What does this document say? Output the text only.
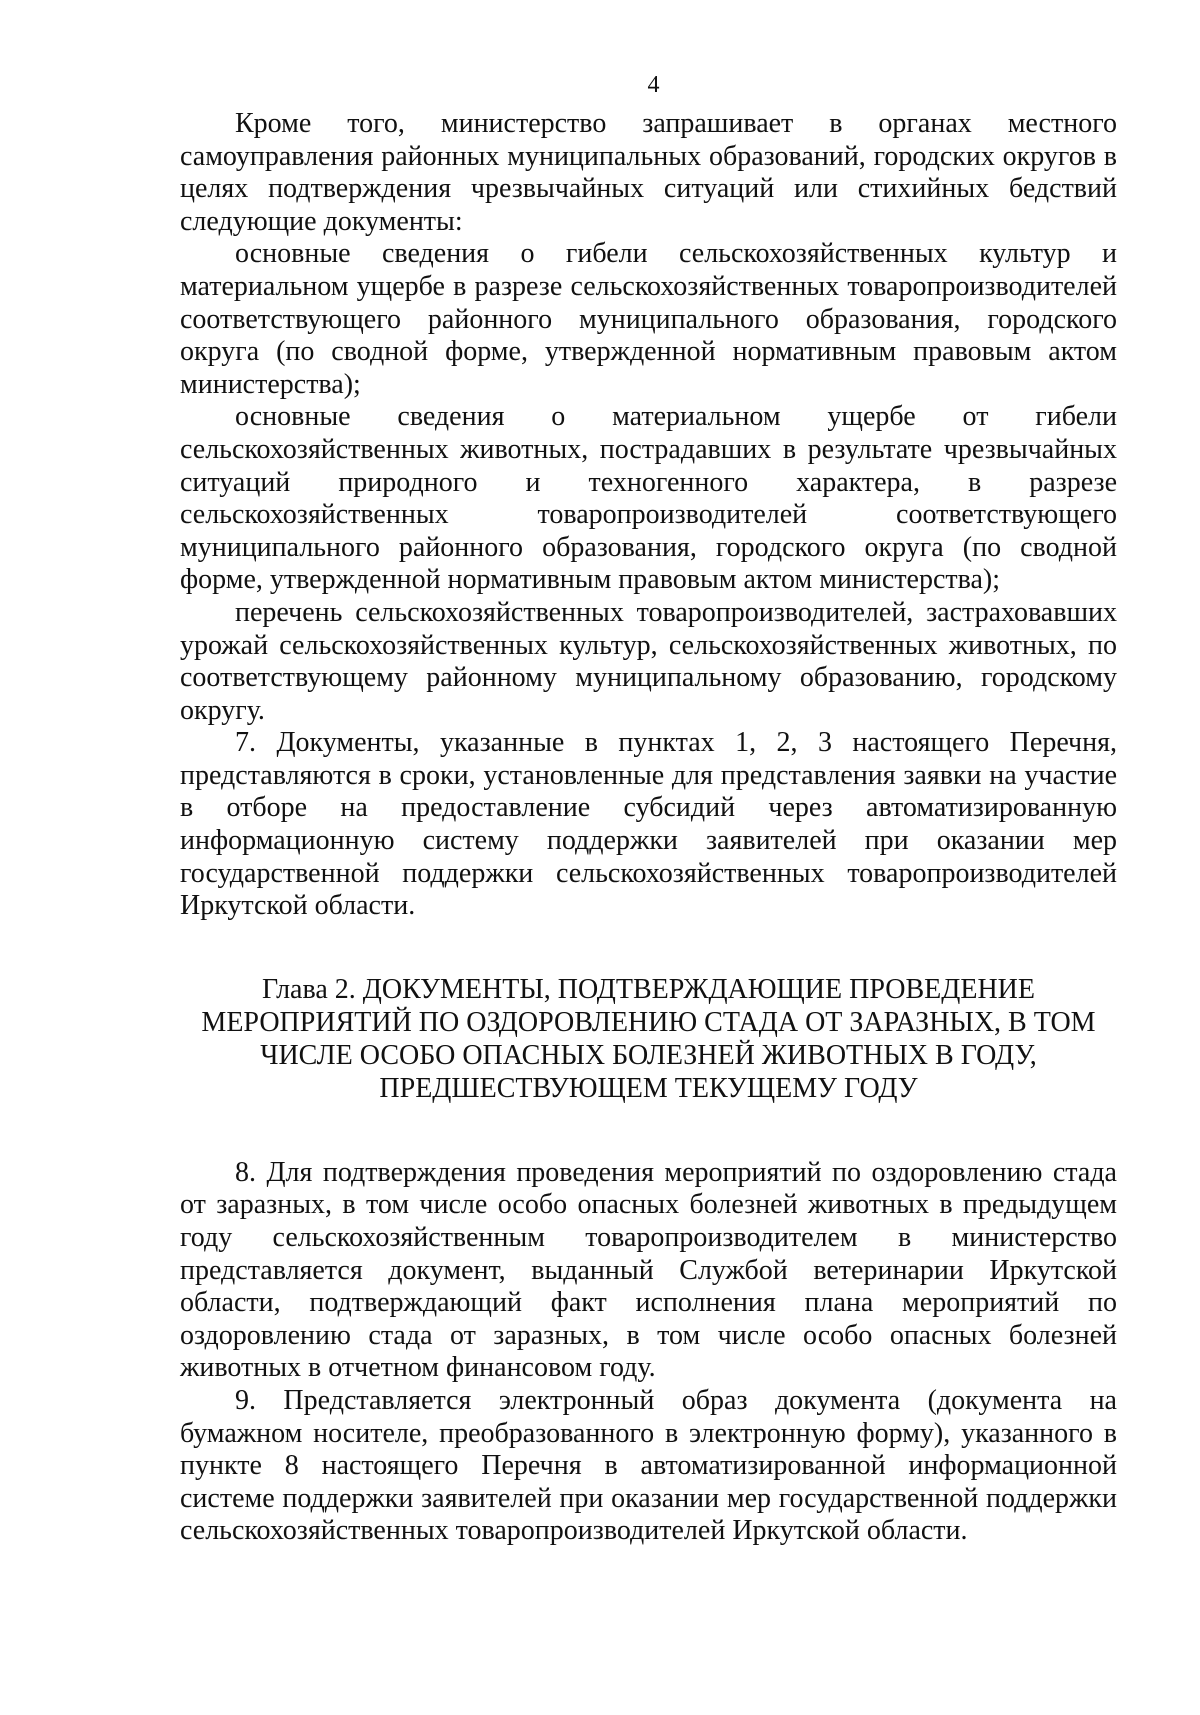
4

Кроме того, министерство запрашивает в органах местного самоуправления районных муниципальных образований, городских округов в целях подтверждения чрезвычайных ситуаций или стихийных бедствий следующие документы:

основные сведения о гибели сельскохозяйственных культур и материальном ущербе в разрезе сельскохозяйственных товаропроизводителей соответствующего районного муниципального образования, городского округа (по сводной форме, утвержденной нормативным правовым актом министерства);

основные сведения о материальном ущербе от гибели сельскохозяйственных животных, пострадавших в результате чрезвычайных ситуаций природного и техногенного характера, в разрезе сельскохозяйственных товаропроизводителей соответствующего муниципального районного образования, городского округа (по сводной форме, утвержденной нормативным правовым актом министерства);

перечень сельскохозяйственных товаропроизводителей, застраховавших урожай сельскохозяйственных культур, сельскохозяйственных животных, по соответствующему районному муниципальному образованию, городскому округу.

7. Документы, указанные в пунктах 1, 2, 3 настоящего Перечня, представляются в сроки, установленные для представления заявки на участие в отборе на предоставление субсидий через автоматизированную информационную систему поддержки заявителей при оказании мер государственной поддержки сельскохозяйственных товаропроизводителей Иркутской области.

Глава 2. ДОКУМЕНТЫ, ПОДТВЕРЖДАЮЩИЕ ПРОВЕДЕНИЕ
МЕРОПРИЯТИЙ ПО ОЗДОРОВЛЕНИЮ СТАДА ОТ ЗАРАЗНЫХ, В ТОМ
ЧИСЛЕ ОСОБО ОПАСНЫХ БОЛЕЗНЕЙ ЖИВОТНЫХ В ГОДУ,
ПРЕДШЕСТВУЮЩЕМ ТЕКУЩЕМУ ГОДУ

8. Для подтверждения проведения мероприятий по оздоровлению стада от заразных, в том числе особо опасных болезней животных в предыдущем году сельскохозяйственным товаропроизводителем в министерство представляется документ, выданный Службой ветеринарии Иркутской области, подтверждающий факт исполнения плана мероприятий по оздоровлению стада от заразных, в том числе особо опасных болезней животных в отчетном финансовом году.

9. Представляется электронный образ документа (документа на бумажном носителе, преобразованного в электронную форму), указанного в пункте 8 настоящего Перечня в автоматизированной информационной системе поддержки заявителей при оказании мер государственной поддержки сельскохозяйственных товаропроизводителей Иркутской области.
